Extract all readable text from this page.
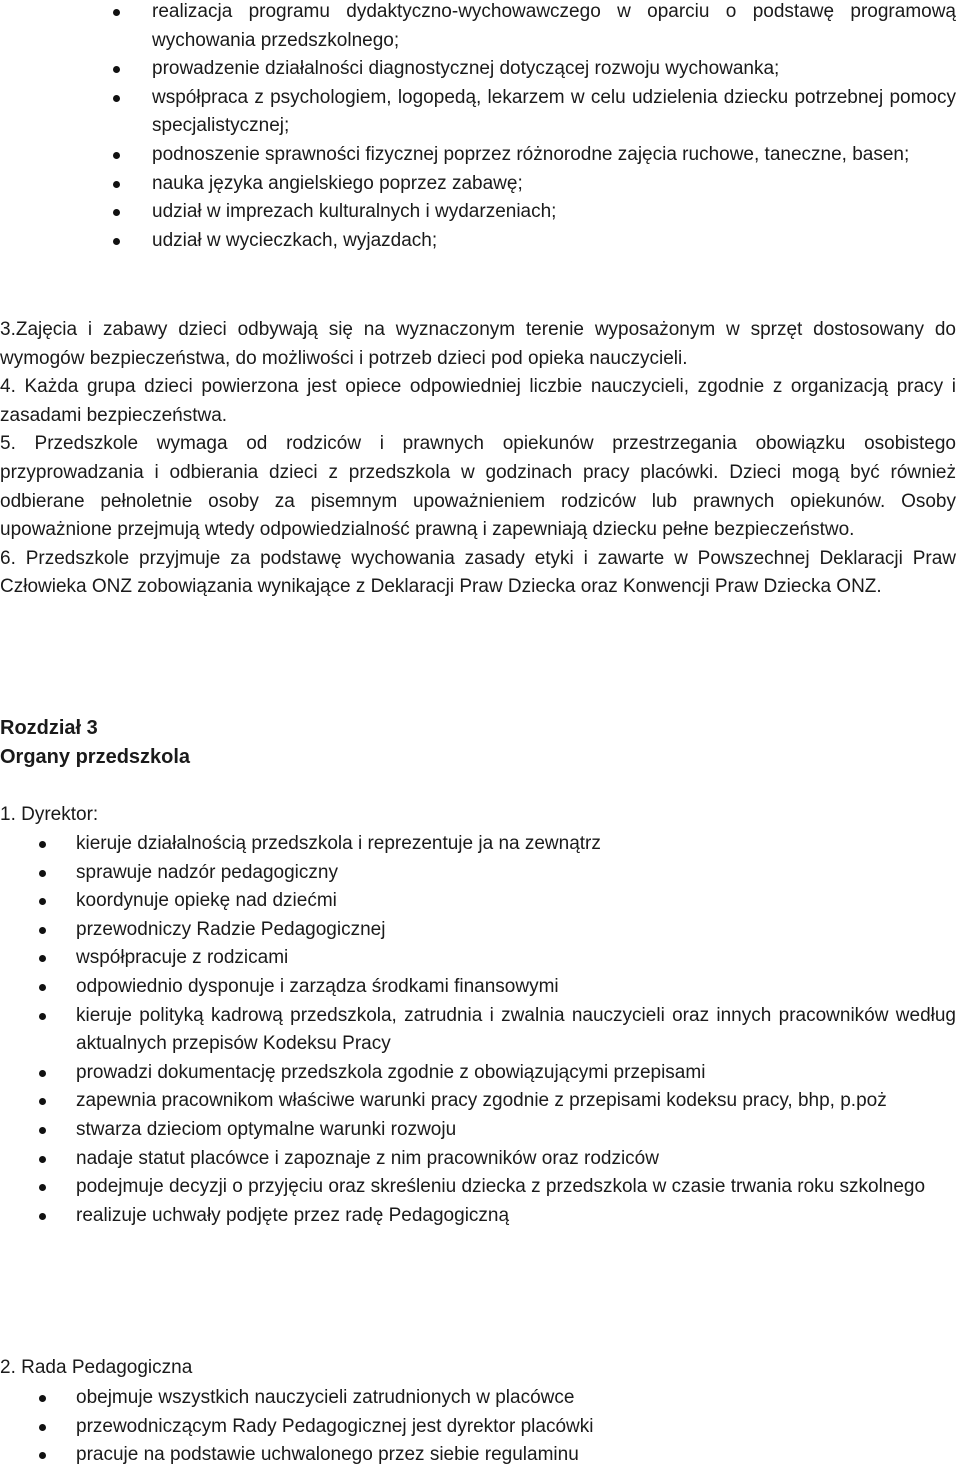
realizacja programu dydaktyczno-wychowawczego w oparciu o podstawę programową wychowania przedszkolnego;
prowadzenie działalności diagnostycznej dotyczącej rozwoju wychowanka;
współpraca z psychologiem, logopedą, lekarzem w celu udzielenia dziecku potrzebnej pomocy specjalistycznej;
podnoszenie sprawności fizycznej poprzez różnorodne zajęcia ruchowe, taneczne, basen;
nauka języka angielskiego poprzez zabawę;
udział w imprezach kulturalnych i wydarzeniach;
udział w wycieczkach, wyjazdach;

3.Zajęcia i zabawy dzieci odbywają się na wyznaczonym terenie wyposażonym w sprzęt dostosowany do wymogów bezpieczeństwa, do możliwości i potrzeb dzieci pod opieka nauczycieli.

4. Każda grupa dzieci powierzona jest opiece odpowiedniej liczbie nauczycieli, zgodnie z organizacją pracy i zasadami bezpieczeństwa.

5. Przedszkole wymaga od rodziców i prawnych opiekunów przestrzegania obowiązku osobistego przyprowadzania i odbierania dzieci z przedszkola w godzinach pracy placówki. Dzieci mogą być również odbierane pełnoletnie osoby za pisemnym upoważnieniem rodziców lub prawnych opiekunów. Osoby upoważnione przejmują wtedy odpowiedzialność prawną i zapewniają dziecku pełne bezpieczeństwo.

6. Przedszkole przyjmuje za podstawę wychowania zasady etyki i zawarte w Powszechnej Deklaracji Praw Człowieka ONZ zobowiązania wynikające z Deklaracji Praw Dziecka oraz Konwencji Praw Dziecka ONZ.

Rozdział 3
Organy przedszkola
1. Dyrektor:
kieruje działalnością przedszkola i reprezentuje ja na zewnątrz
sprawuje nadzór pedagogiczny
koordynuje opiekę nad dziećmi
przewodniczy Radzie Pedagogicznej
współpracuje z rodzicami
odpowiednio dysponuje i zarządza środkami finansowymi
kieruje polityką kadrową przedszkola, zatrudnia i zwalnia nauczycieli oraz innych pracowników według aktualnych przepisów Kodeksu Pracy
prowadzi dokumentację przedszkola zgodnie z obowiązującymi przepisami
zapewnia pracownikom właściwe warunki pracy zgodnie z przepisami kodeksu pracy, bhp, p.poż
stwarza dzieciom optymalne warunki rozwoju
nadaje statut placówce i zapoznaje z nim pracowników oraz rodziców
podejmuje decyzji o przyjęciu oraz skreśleniu dziecka z przedszkola w czasie trwania roku szkolnego
realizuje uchwały podjęte przez radę Pedagogiczną
2. Rada Pedagogiczna
obejmuje wszystkich nauczycieli zatrudnionych w placówce
przewodniczącym Rady Pedagogicznej jest dyrektor placówki
pracuje na podstawie uchwalonego przez siebie regulaminu
